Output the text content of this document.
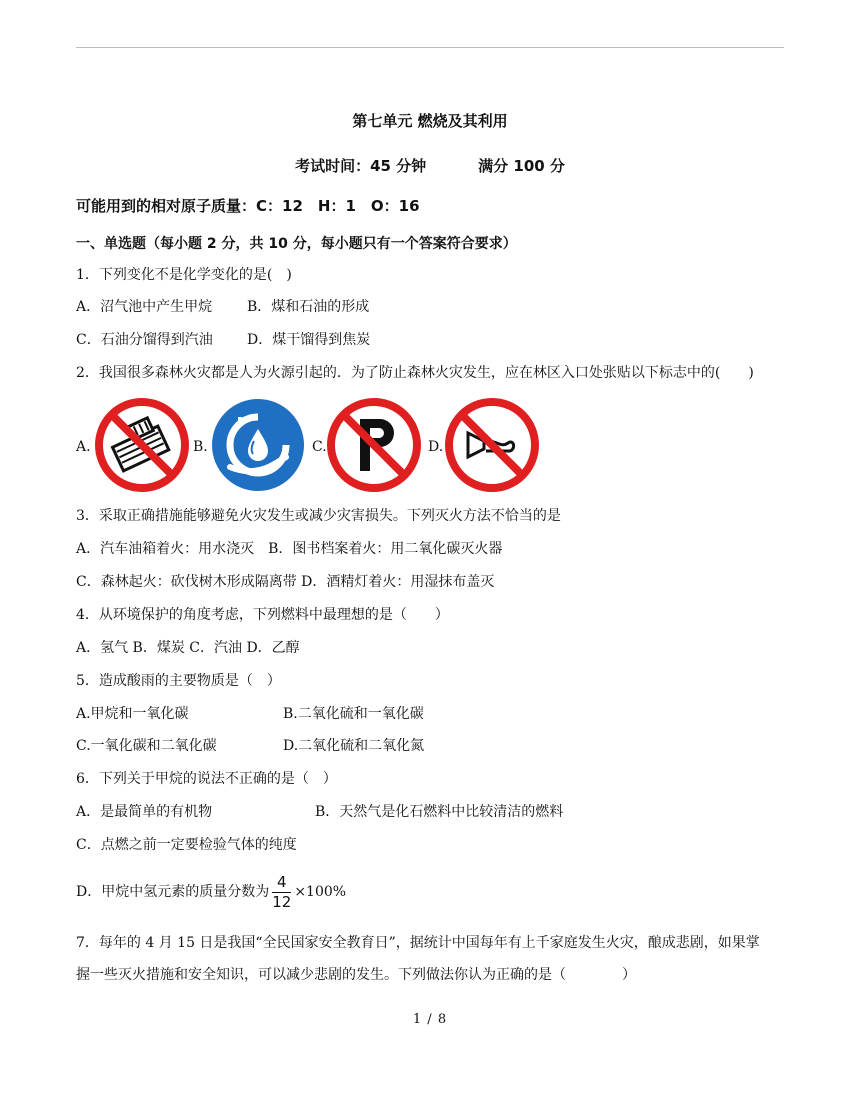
第七单元 燃烧及其利用
考试时间：45 分钟	满分 100 分
可能用到的相对原子质量：C：12　H：1　O：16
一、单选题（每小题 2 分，共 10 分，每小题只有一个答案符合要求）
1．下列变化不是化学变化的是(　)
A．沼气池中产生甲烷 B．煤和石油的形成
C．石油分馏得到汽油 D．煤干馏得到焦炭
2．我国很多森林火灾都是人为火源引起的．为了防止森林火灾发生，应在林区入口处张贴以下标志中的(　　)
A.	B.	C.	D.
3．采取正确措施能够避免火灾发生或减少灾害损失。下列灭火方法不恰当的是
A．汽车油箱着火：用水浇灭　B．图书档案着火：用二氧化碳灭火器
C．森林起火：砍伐树木形成隔离带 D．酒精灯着火：用湿抹布盖灭
4．从环境保护的角度考虑，下列燃料中最理想的是（　　）
A．氢气 B．煤炭 C．汽油 D．乙醇
5．造成酸雨的主要物质是（　）
A.甲烷和一氧化碳	B.二氧化硫和一氧化碳
C.一氧化碳和二氧化碳	D.二氧化硫和二氧化氮
6．下列关于甲烷的说法不正确的是（　）
A．是最简单的有机物	B．天然气是化石燃料中比较清洁的燃料
C．点燃之前一定要检验气体的纯度
D．甲烷中氢元素的质量分数为 $\frac{4}{12} \times 100\%$
7．每年的 4 月 15 日是我国“全民国家安全教育日”，据统计中国每年有上千家庭发生火灾，酿成悲剧，如果掌
握一些灭火措施和安全知识，可以减少悲剧的发生。下列做法你认为正确的是（　　　　）
1 / 8
